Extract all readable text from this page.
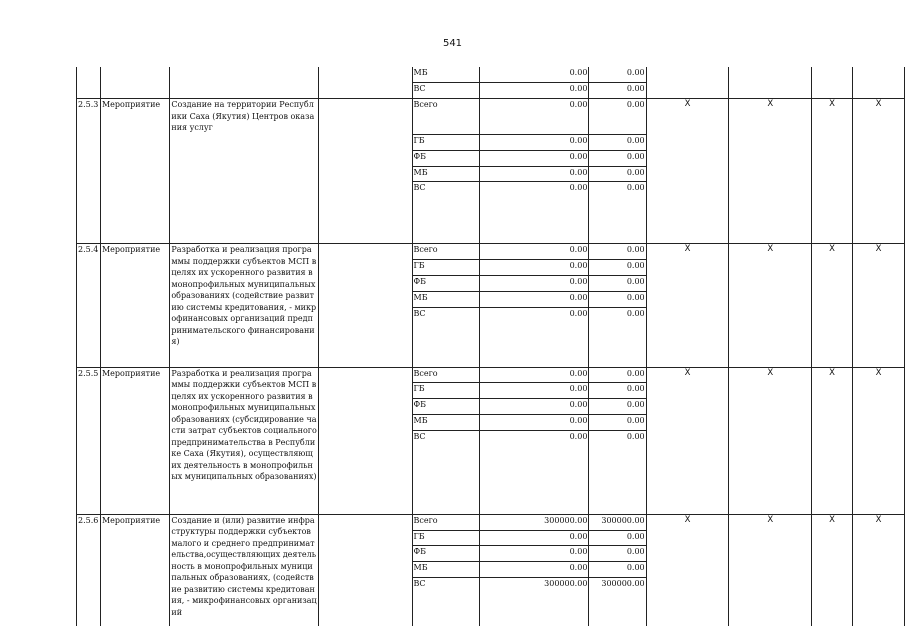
541
				МБ	0.00	0.00				
				ВС	0.00	0.00				
2.5.3	Мероприятие	Создание на территории Республики Саха (Якутия) Центров оказания услуг		Всего	0.00	0.00	X	X	X	X
				ГБ	0.00	0.00				
				ФБ	0.00	0.00				
				МБ	0.00	0.00				
				ВС	0.00	0.00				
2.5.4	Мероприятие	Разработка и реализация программы поддержки субъектов МСП в целях их ускоренного развития в монопрофильных муниципальных образованиях (содействие развитию системы кредитования, - микрофинансовых организаций предпринимательского финансирования)		Всего	0.00	0.00	X	X	X	X
				ГБ	0.00	0.00				
				ФБ	0.00	0.00				
				МБ	0.00	0.00				
				ВС	0.00	0.00				
2.5.5	Мероприятие	Разработка и реализация программы поддержки субъектов МСП в целях их ускоренного развития в монопрофильных муниципальных образованиях (субсидирование части затрат субъектов социального предпринимательства в Республике Саха (Якутия), осуществляющих деятельность в монопрофильных муниципальных образованиях)		Всего	0.00	0.00	X	X	X	X
				ГБ	0.00	0.00				
				ФБ	0.00	0.00				
				МБ	0.00	0.00				
				ВС	0.00	0.00				
2.5.6	Мероприятие	Создание и (или) развитие инфраструктуры поддержки субъектов малого и среднего предпринимательства,осуществляющих деятельность в монопрофильных муниципальных образованиях, (содействие развитию системы кредитования, - микрофинансовых организаций		Всего	300000.00	300000.00	X	X	X	X
				ГБ	0.00	0.00				
				ФБ	0.00	0.00				
				МБ	0.00	0.00				
				ВС	300000.00	300000.00				
